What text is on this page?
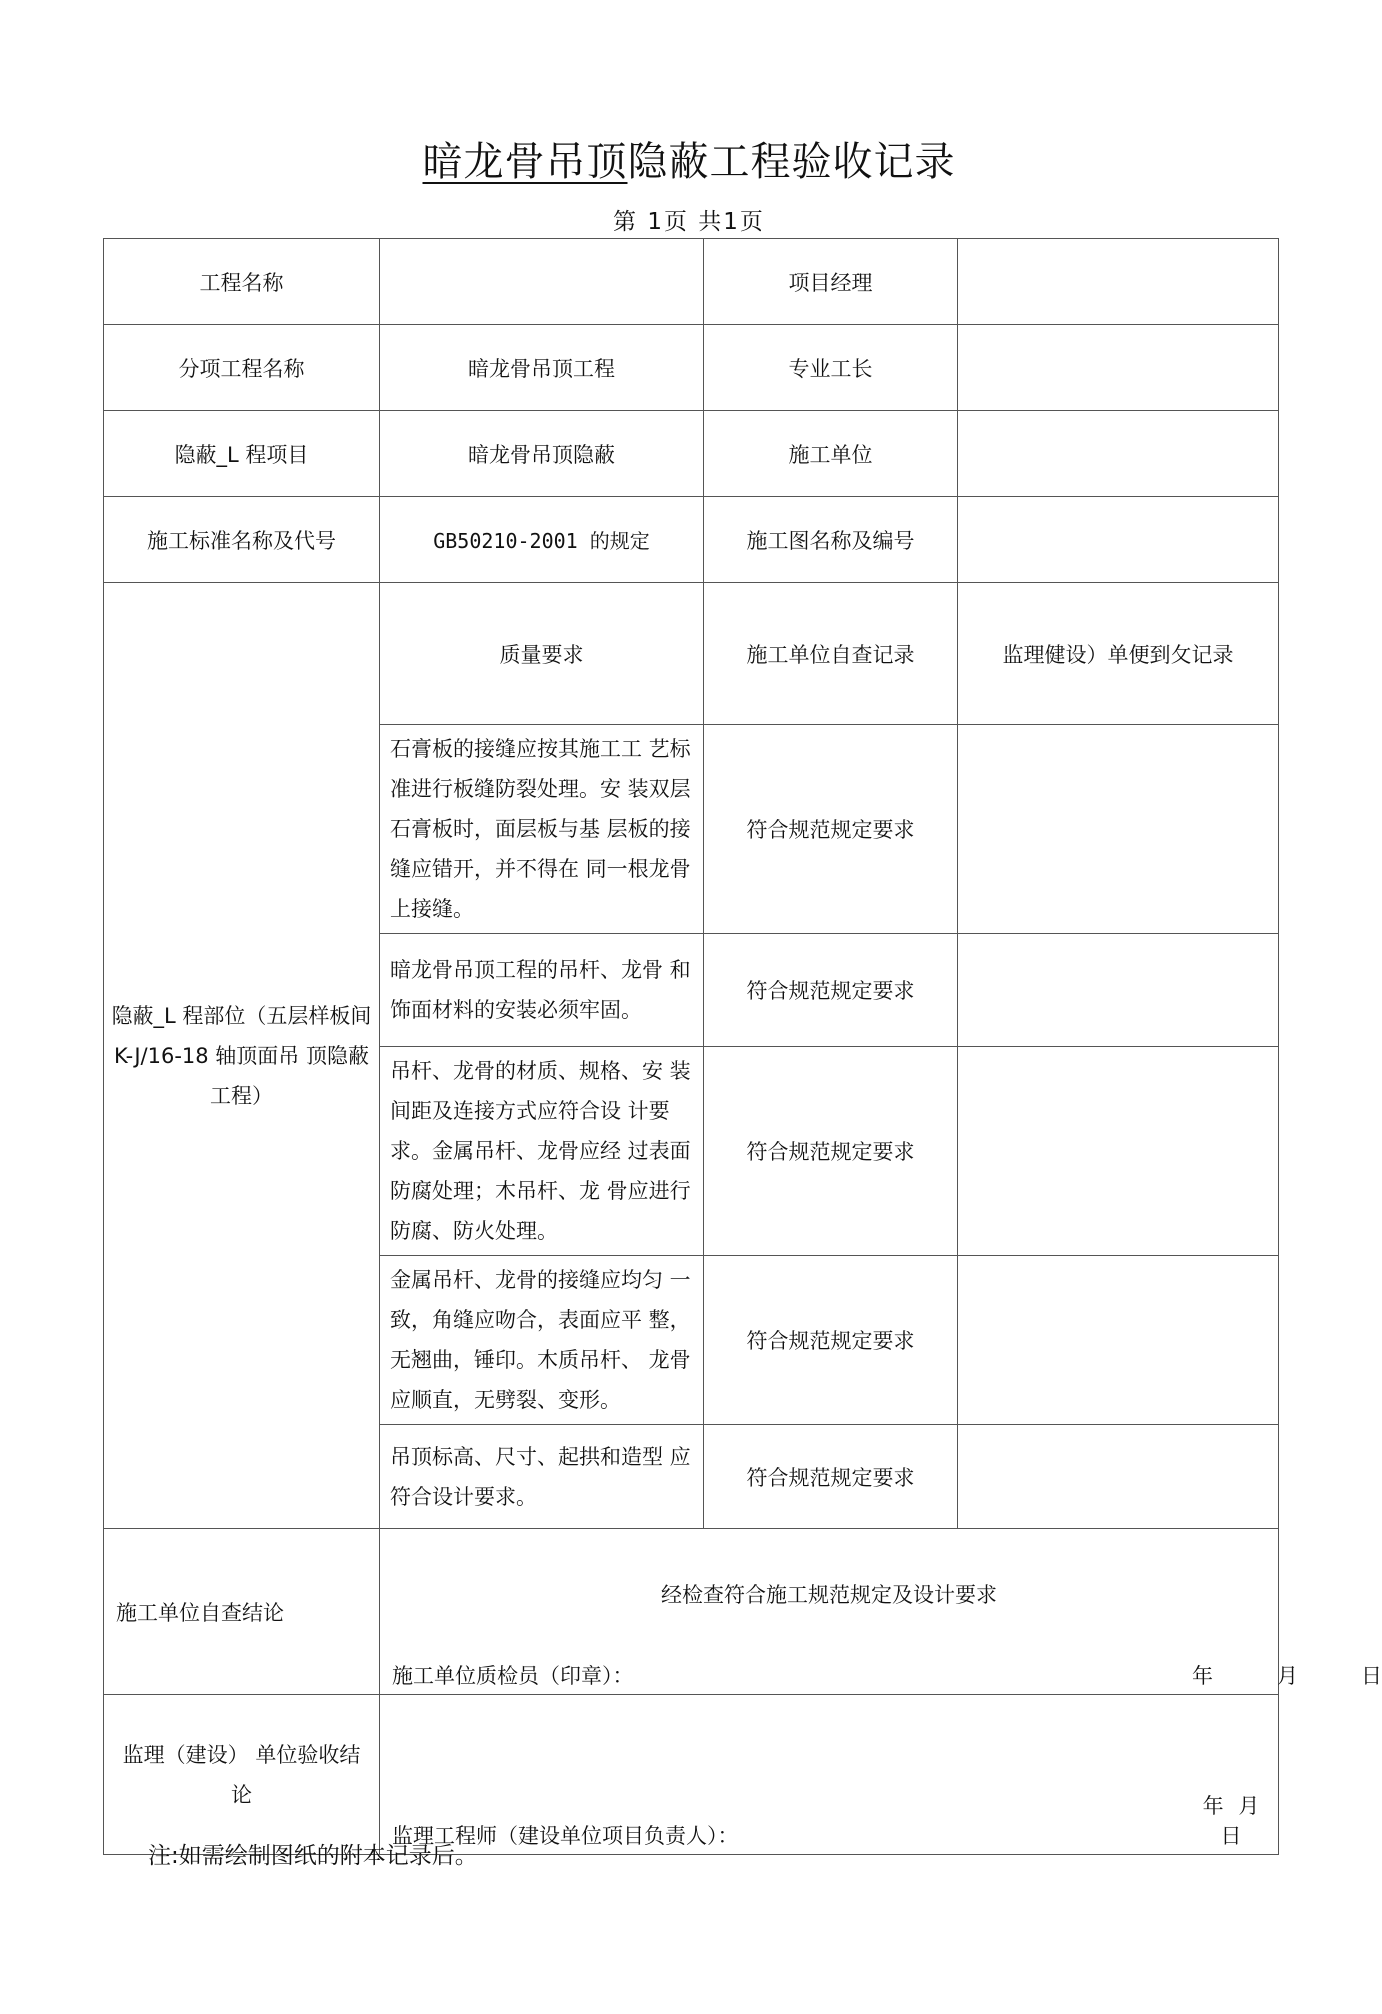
暗龙骨吊顶隐蔽工程验收记录
第 1页 共1页
工程名称		项目经理	
分项工程名称	暗龙骨吊顶工程	专业工长	
隐蔽_L 程项目	暗龙骨吊顶隐蔽	施工单位	
施工标准名称及代号	GB50210-2001 的规定	施工图名称及编号	
隐蔽_L 程部位（五层样板间 K-J/16-18 轴顶面吊 顶隐蔽工程）	质量要求	施工单位自查记录	监理健设）单便到攵记录
	石膏板的接缝应按其施工工 艺标准进行板缝防裂处理。安 装双层石膏板时，面层板与基 层板的接缝应错开，并不得在 同一根龙骨上接缝。	符合规范规定要求	
	暗龙骨吊顶工程的吊杆、龙骨 和饰面材料的安装必须牢固。	符合规范规定要求	
	吊杆、龙骨的材质、规格、安 装间距及连接方式应符合设 计要求。金属吊杆、龙骨应经 过表面防腐处理；木吊杆、龙 骨应进行防腐、防火处理。	符合规范规定要求	
	金属吊杆、龙骨的接缝应均匀 一致，角缝应吻合，表面应平 整，无翘曲，锤印。木质吊杆、 龙骨应顺直，无劈裂、变形。	符合规范规定要求	
	吊顶标高、尺寸、起拱和造型 应符合设计要求。	符合规范规定要求	
施工单位自查结论	经检查符合施工规范规定及设计要求
施工单位质检员（印章）： 年 月 日		

监理（建设） 单位验收结论	监理工程师（建设单位项目负责人）：
年 月 日		
注:如需绘制图纸的附本记录后。
